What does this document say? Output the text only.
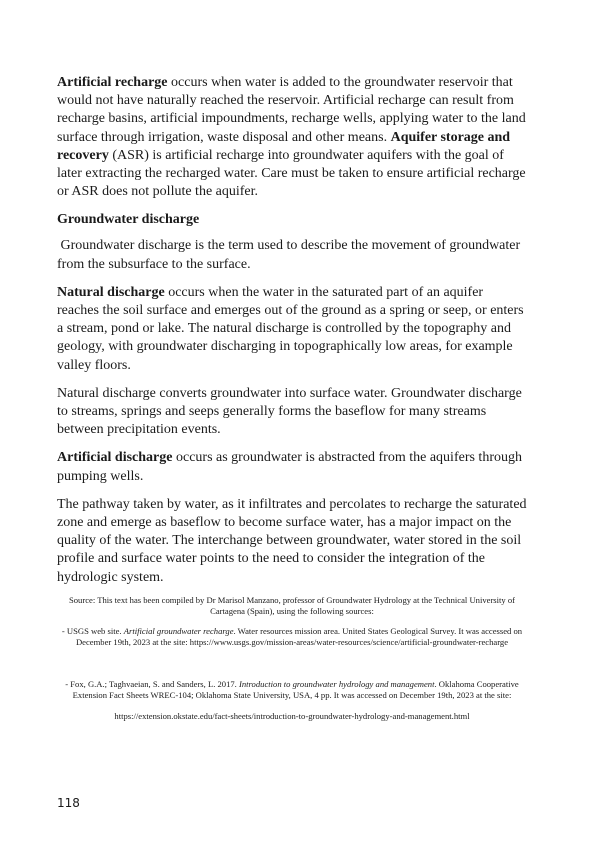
Artificial recharge occurs when water is added to the groundwater reservoir that would not have naturally reached the reservoir. Artificial recharge can result from recharge basins, artificial impoundments, recharge wells, applying water to the land surface through irrigation, waste disposal and other means. Aquifer storage and recovery (ASR) is artificial recharge into groundwater aquifers with the goal of later extracting the recharged water. Care must be taken to ensure artificial recharge or ASR does not pollute the aquifer.

Groundwater discharge

Groundwater discharge is the term used to describe the movement of groundwater from the subsurface to the surface.

Natural discharge occurs when the water in the saturated part of an aquifer reaches the soil surface and emerges out of the ground as a spring or seep, or enters a stream, pond or lake. The natural discharge is controlled by the topography and geology, with groundwater discharging in topographically low areas, for example valley floors.

Natural discharge converts groundwater into surface water. Groundwater discharge to streams, springs and seeps generally forms the baseflow for many streams between precipitation events.

Artificial discharge occurs as groundwater is abstracted from the aquifers through pumping wells.

The pathway taken by water, as it infiltrates and percolates to recharge the saturated zone and emerge as baseflow to become surface water, has a major impact on the quality of the water. The interchange between groundwater, water stored in the soil profile and surface water points to the need to consider the integration of the hydrologic system.

Source: This text has been compiled by Dr Marisol Manzano, professor of Groundwater Hydrology at the Technical University of Cartagena (Spain), using the following sources:

- USGS web site. Artificial groundwater recharge. Water resources mission area. United States Geological Survey. It was accessed on December 19th, 2023 at the site: https://www.usgs.gov/mission-areas/water-resources/science/artificial-groundwater-recharge

- Fox, G.A.; Taghvaeian, S. and Sanders, L. 2017. Introduction to groundwater hydrology and management. Oklahoma Cooperative Extension Fact Sheets WREC-104; Oklahoma State University, USA, 4 pp. It was accessed on December 19th, 2023 at the site:

https://extension.okstate.edu/fact-sheets/introduction-to-groundwater-hydrology-and-management.html

118
